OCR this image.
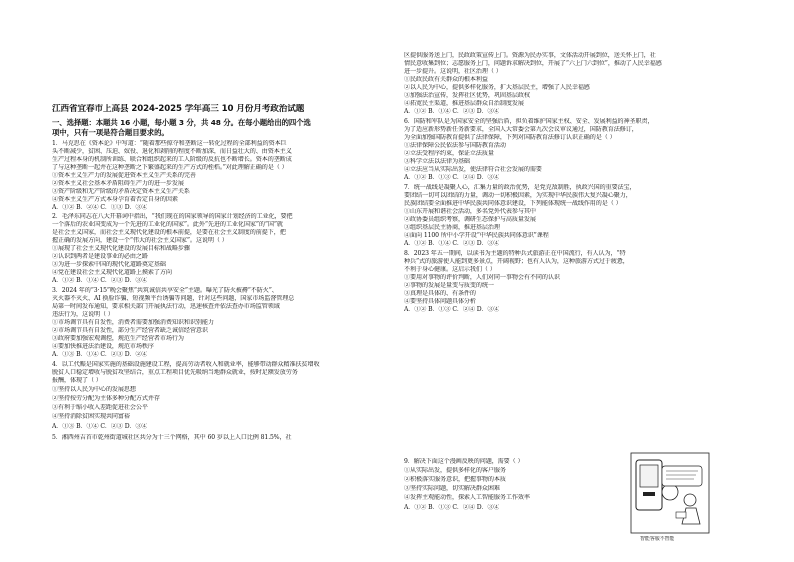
江西省宜春市上高县 2024-2025 学年高三 10 月份月考政治试题
一、选择题：本题共 16 小题，每小题 3 分，共 48 分。在每小题给出的四个选
项中，只有一项是符合题目要求的。
1．马克思在《资本论》中写道：“随着那些掠夺和垄断这一转化过程的全部利益的资本巨
头不断减少，贫困、压迫、奴役、退化和剥削的程度不断加深，而日益壮大的、由资本主义
生产过程本身的机制所训练、联合和组织起来的工人阶级的反抗也不断增长。资本的垄断成
了与这种垄断一起并在这种垄断之下繁盛起来的生产方式的桎梏。”对此理解正确的是（ ）
①资本主义生产力的发展促进资本主义生产关系的完善
②资本主义社会基本矛盾阻碍生产力的进一步发展
③资产阶级和无产阶级的矛盾决定资本主义生产关系
④资本主义生产方式本身孕育着否定自身的因素
A．①② B．②④ C．①③ D．③④
2．毛泽东同志在八大开幕词中指出，“我们现在的国家领导的国家计划经济的工业化，要把
一个落后的农业国变成为一个先进的工业化的国家”。此外“先进的工业化国家”的“国”就
是社会主义国家，而社会主义现代化建设的根本前提，是要在社会主义制度的前提下，把
握正确的发展方向，建设一个“伟大的社会主义国家”。这说明（ ）
①展现了社会主义现代化建设的发展目标和战略步骤
②认识到两者是建设事业的必由之路
③为进一步探索中国的现代化道路奠定基础
④党在建设社会主义现代化道路上摸索了方向
A．①② B．①④ C．②③ D．③④
3．2024 年的“3·15”晚会聚焦“共筑诚信共享安全”主题。曝光了防火被褥“不防火”、
灭火器不灭火、AI 换脸诈骗、短视频平台诱骗等问题，针对这些问题，国家市场监督管理总
局第一时间发布通知，要求相关部门开展执法行动，迅速核查并依法查办市场监管领域
违法行为，这说明（ ）
①市场调节具有自发性，消费者需要加强消费知识和识别能力
②市场调节具有自发性，部分生产经营者缺乏诚信经营意识
③政府要加强宏观调控，规范生产经营者市场行为
④要加快推进法治建设，规范市场秩序
A．①③ B．①④ C．②③ D．②④
4．以工代赈是国家实施的基础设施建设工程，提高劳动者收入和就业率，能够带动群众精准扶贫增收
脱贫人口稳定增收与脱贫攻坚结合，重点工程项目优先吸纳当地群众就业，按时足额发放劳务
报酬，体现了（ ）
①坚持以人民为中心的发展思想
②坚持按劳分配为主体多种分配方式并存
③有利于缩小收入差距促进社会公平
④坚持消除贫困实现共同富裕
A．①③ B．①④ C．②③ D．③④
5．湘西州吉首市乾州街道城社区共分为十三个网格，其中 60 岁以上人口比例 81.5%，社
区提供服务送上门，民政政策宣传上门。资源为民办实事，文体活动开展到位，送关怀上门，社
情民意收集到位；志愿服务上门，问题诉求解决到位，开展了“六上门六到位”，推动了人民幸福感
进一步提升。这说明，社区治理（ ）
①民政民政有关群众的根本利益
②以人民为中心，提供多样化服务，扩大基层民主，增强了人民幸福感
③加强法治宣传，发挥社区优势，巩固基层政权
④拓宽民主渠道，推进基层群众自治制度发展
A．①② B．①④ C．②③ D．③④
6．国防和军队是为国家安全的坚强后盾，担负着维护国家主权、安全、发展利益的神圣职责，
为了适应新形势新任务新要求，全国人大常委会第九次会议审议通过，国防教育法修订，
为全面加强国防教育提供了法律保障，下列对国防教育法修订认识正确的是（ ）
①法律保障公民依法参与国防教育活动
②立法受程序约束，保证立法质量
③科学立法以法律为基础
④立法应当从实际出发，使法律符合社会发展的需要
A．①② B．①③ C．②④ D．③④
7．统一战线是凝聚人心，汇集力量的政治优势，是党克敌制胜，执政兴国的重要法宝，
要团结一切可以团结的力量，调动一切积极因素，为实现中华民族伟大复兴凝心聚力，
民族团结要全面推进中华民族共同体意识建设，下列能体现统一战线作用的是（ ）
①山东开展和谐社会活动，多名党外代表参与其中
②政协委员组织考察，调研生态保护与高质量发展
③组织基层民主协商，推进基层治理
④面向 1100 所中小学开设“中华民族共同体意识”课程
A．①② B．①④ C．②③ D．③④
8．2023 年五一期间，以读书为主题的特种兵式旅游正在中国流行，有人认为，“特
种兵”式的旅游使人能到更多景点，开阔视野；也有人认为，这种旅游方式过于疲惫，
不利于身心健康。这启示我们（ ）
①要用对事物的评价判断，人们对同一事物会有不同的认识
②事物的发展是量变与质变的统一
③真理是具体的、有条件的
④要坚持具体问题具体分析
A．①② B．①③ C．②④ D．③④
9．解决下面这个漫画反映的问题，需要（ ）
①从实际出发，提供多样化的客户服务
②积极落实服务意识，把握事物的本质
③坚持实际问题，切实解决群众困难
④发挥主观能动性，探索人工智能服务工作效率
A．①② B．①③ C．②④ D．③④
智能客服不智能
